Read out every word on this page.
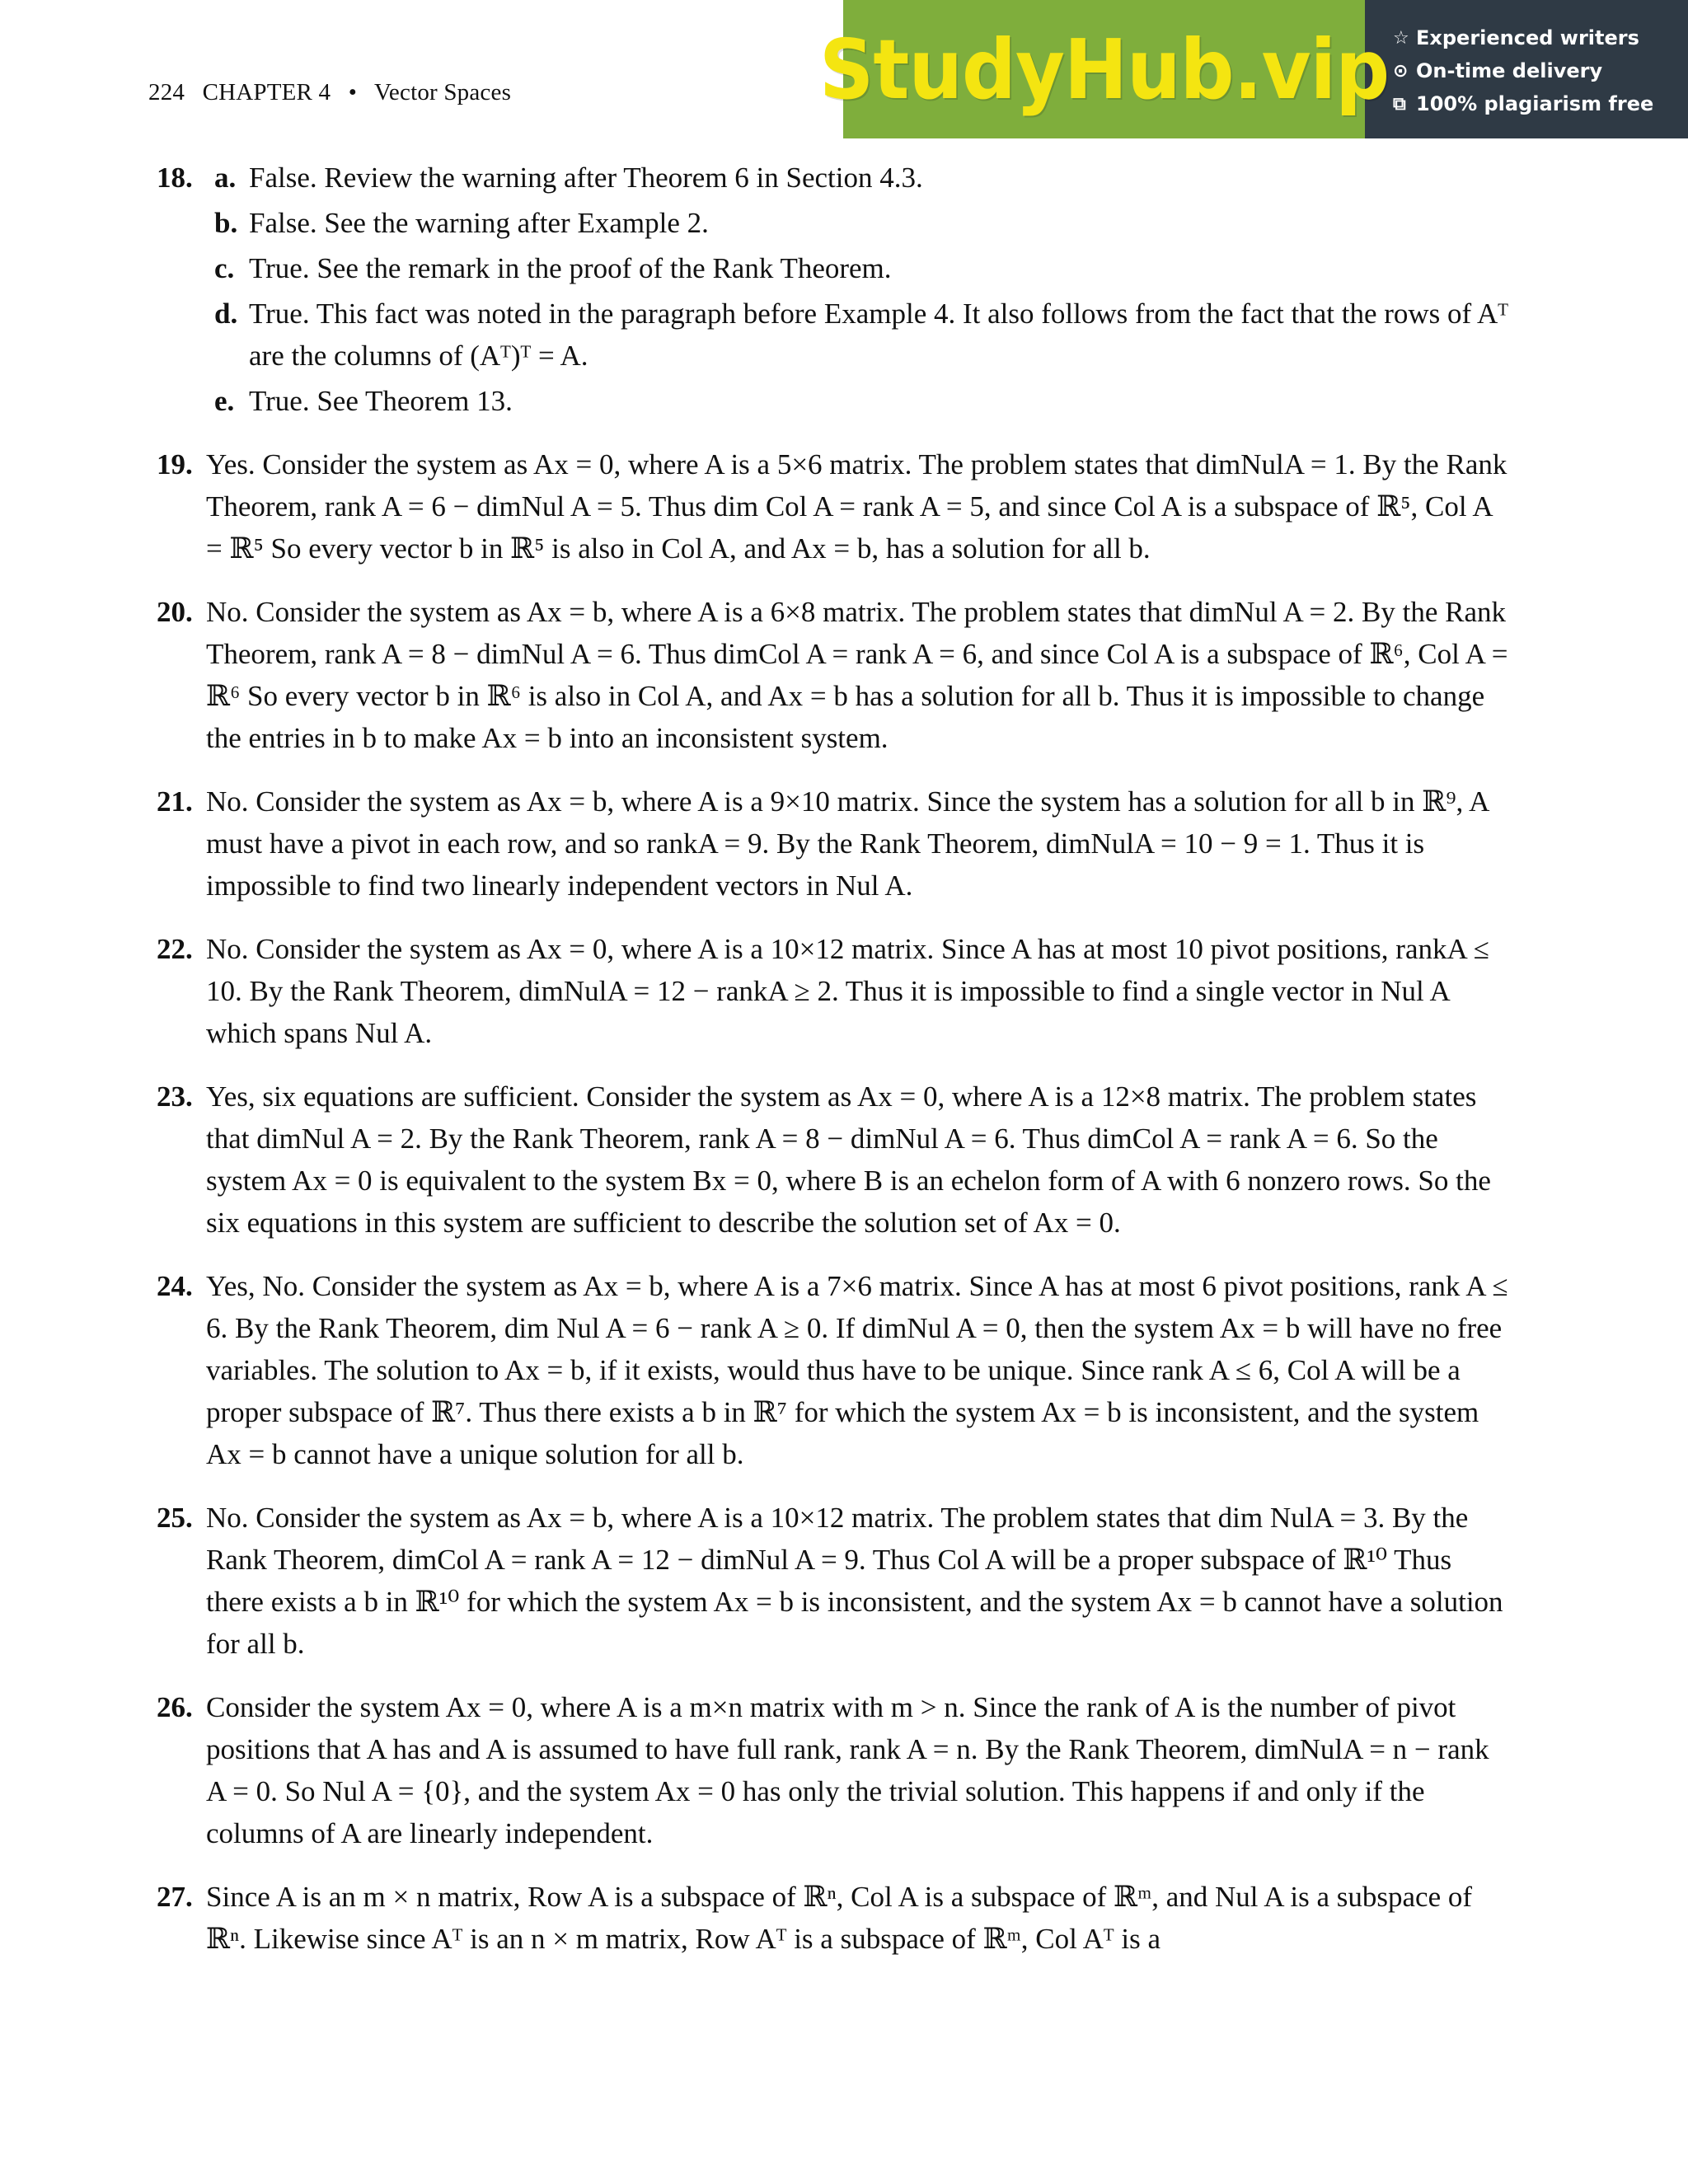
224 CHAPTER 4 • Vector Spaces	StudyHub.vip ☆ Experienced writers
⊙ On-time delivery
⧉ 100% plagiarism free
18. a. False. Review the warning after Theorem 6 in Section 4.3.

b. False. See the warning after Example 2.

c. True. See the remark in the proof of the Rank Theorem.

d. True. This fact was noted in the paragraph before Example 4. It also follows from the fact that the rows of Aᵀ are the columns of (Aᵀ)ᵀ = A.

e. True. See Theorem 13.

19. Yes. Consider the system as Ax = 0, where A is a 5×6 matrix. The problem states that dimNulA = 1. By the Rank Theorem, rank A = 6 − dimNul A = 5. Thus dim Col A = rank A = 5, and since Col A is a subspace of ℝ⁵, Col A = ℝ⁵ So every vector b in ℝ⁵ is also in Col A, and Ax = b, has a solution for all b.

20. No. Consider the system as Ax = b, where A is a 6×8 matrix. The problem states that dimNul A = 2. By the Rank Theorem, rank A = 8 − dimNul A = 6. Thus dimCol A = rank A = 6, and since Col A is a subspace of ℝ⁶, Col A = ℝ⁶ So every vector b in ℝ⁶ is also in Col A, and Ax = b has a solution for all b. Thus it is impossible to change the entries in b to make Ax = b into an inconsistent system.

21. No. Consider the system as Ax = b, where A is a 9×10 matrix. Since the system has a solution for all b in ℝ⁹, A must have a pivot in each row, and so rankA = 9. By the Rank Theorem, dimNulA = 10 − 9 = 1. Thus it is impossible to find two linearly independent vectors in Nul A.

22. No. Consider the system as Ax = 0, where A is a 10×12 matrix. Since A has at most 10 pivot positions, rankA ≤ 10. By the Rank Theorem, dimNulA = 12 − rankA ≥ 2. Thus it is impossible to find a single vector in Nul A which spans Nul A.

23. Yes, six equations are sufficient. Consider the system as Ax = 0, where A is a 12×8 matrix. The problem states that dimNul A = 2. By the Rank Theorem, rank A = 8 − dimNul A = 6. Thus dimCol A = rank A = 6. So the system Ax = 0 is equivalent to the system Bx = 0, where B is an echelon form of A with 6 nonzero rows. So the six equations in this system are sufficient to describe the solution set of Ax = 0.

24. Yes, No. Consider the system as Ax = b, where A is a 7×6 matrix. Since A has at most 6 pivot positions, rank A ≤ 6. By the Rank Theorem, dim Nul A = 6 − rank A ≥ 0. If dimNul A = 0, then the system Ax = b will have no free variables. The solution to Ax = b, if it exists, would thus have to be unique. Since rank A ≤ 6, Col A will be a proper subspace of ℝ⁷. Thus there exists a b in ℝ⁷ for which the system Ax = b is inconsistent, and the system Ax = b cannot have a unique solution for all b.

25. No. Consider the system as Ax = b, where A is a 10×12 matrix. The problem states that dim NulA = 3. By the Rank Theorem, dimCol A = rank A = 12 − dimNul A = 9. Thus Col A will be a proper subspace of ℝ¹⁰ Thus there exists a b in ℝ¹⁰ for which the system Ax = b is inconsistent, and the system Ax = b cannot have a solution for all b.

26. Consider the system Ax = 0, where A is a m×n matrix with m > n. Since the rank of A is the number of pivot positions that A has and A is assumed to have full rank, rank A = n. By the Rank Theorem, dimNulA = n − rank A = 0. So Nul A = {0}, and the system Ax = 0 has only the trivial solution. This happens if and only if the columns of A are linearly independent.

27. Since A is an m × n matrix, Row A is a subspace of ℝⁿ, Col A is a subspace of ℝᵐ, and Nul A is a subspace of ℝⁿ. Likewise since Aᵀ is an n × m matrix, Row Aᵀ is a subspace of ℝᵐ, Col Aᵀ is a
